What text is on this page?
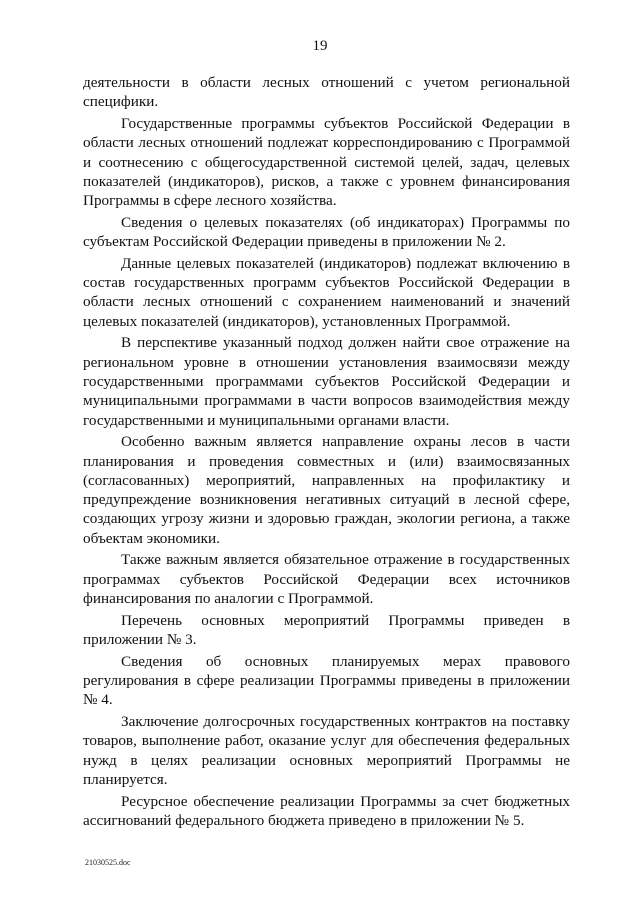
19

деятельности в области лесных отношений с учетом региональной специфики.

Государственные программы субъектов Российской Федерации в области лесных отношений подлежат корреспондированию с Программой и соотнесению с общегосударственной системой целей, задач, целевых показателей (индикаторов), рисков, а также с уровнем финансирования Программы в сфере лесного хозяйства.

Сведения о целевых показателях (об индикаторах) Программы по субъектам Российской Федерации приведены в приложении № 2.

Данные целевых показателей (индикаторов) подлежат включению в состав государственных программ субъектов Российской Федерации в области лесных отношений с сохранением наименований и значений целевых показателей (индикаторов), установленных Программой.

В перспективе указанный подход должен найти свое отражение на региональном уровне в отношении установления взаимосвязи между государственными программами субъектов Российской Федерации и муниципальными программами в части вопросов взаимодействия между государственными и муниципальными органами власти.

Особенно важным является направление охраны лесов в части планирования и проведения совместных и (или) взаимосвязанных (согласованных) мероприятий, направленных на профилактику и предупреждение возникновения негативных ситуаций в лесной сфере, создающих угрозу жизни и здоровью граждан, экологии региона, а также объектам экономики.

Также важным является обязательное отражение в государственных программах субъектов Российской Федерации всех источников финансирования по аналогии с Программой.

Перечень основных мероприятий Программы приведен в приложении № 3.

Сведения об основных планируемых мерах правового регулирования в сфере реализации Программы приведены в приложении № 4.

Заключение долгосрочных государственных контрактов на поставку товаров, выполнение работ, оказание услуг для обеспечения федеральных нужд в целях реализации основных мероприятий Программы не планируется.

Ресурсное обеспечение реализации Программы за счет бюджетных ассигнований федерального бюджета приведено в приложении № 5.

21030525.doc
